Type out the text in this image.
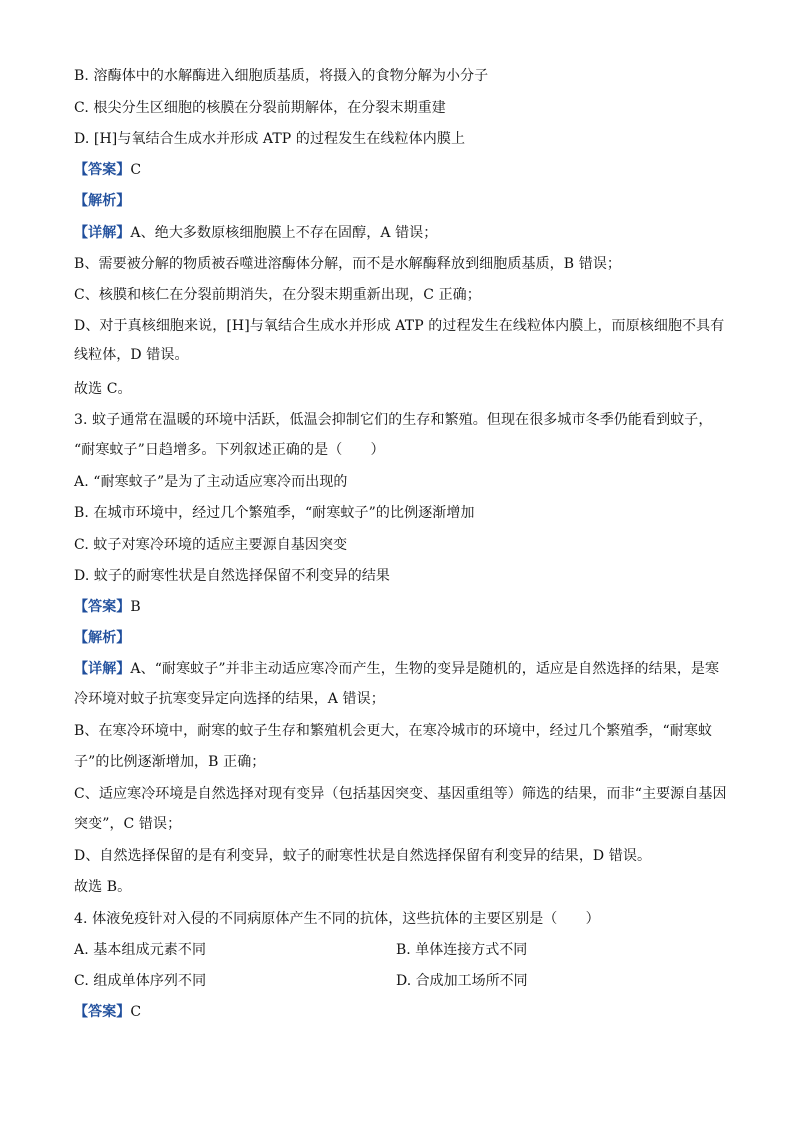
B. 溶酶体中的水解酶进入细胞质基质，将摄入的食物分解为小分子
C. 根尖分生区细胞的核膜在分裂前期解体，在分裂末期重建
D. [H]与氧结合生成水并形成 ATP 的过程发生在线粒体内膜上
【答案】C
【解析】
【详解】A、绝大多数原核细胞膜上不存在固醇，A 错误；
B、需要被分解的物质被吞噬进溶酶体分解，而不是水解酶释放到细胞质基质，B 错误；
C、核膜和核仁在分裂前期消失，在分裂末期重新出现，C 正确；
D、对于真核细胞来说，[H]与氧结合生成水并形成 ATP 的过程发生在线粒体内膜上，而原核细胞不具有
线粒体，D 错误。
故选 C。
3. 蚊子通常在温暖的环境中活跃，低温会抑制它们的生存和繁殖。但现在很多城市冬季仍能看到蚊子，
“耐寒蚊子”日趋增多。下列叙述正确的是（　　）
A. “耐寒蚊子”是为了主动适应寒冷而出现的
B. 在城市环境中，经过几个繁殖季，“耐寒蚊子”的比例逐渐增加
C. 蚊子对寒冷环境的适应主要源自基因突变
D. 蚊子的耐寒性状是自然选择保留不利变异的结果
【答案】B
【解析】
【详解】A、“耐寒蚊子”并非主动适应寒冷而产生，生物的变异是随机的，适应是自然选择的结果，是寒
冷环境对蚊子抗寒变异定向选择的结果，A 错误；
B、在寒冷环境中，耐寒的蚊子生存和繁殖机会更大，在寒冷城市的环境中，经过几个繁殖季，“耐寒蚊
子”的比例逐渐增加，B 正确；
C、适应寒冷环境是自然选择对现有变异（包括基因突变、基因重组等）筛选的结果，而非“主要源自基因
突变”，C 错误；
D、自然选择保留的是有利变异，蚊子的耐寒性状是自然选择保留有利变异的结果，D 错误。
故选 B。
4. 体液免疫针对入侵的不同病原体产生不同的抗体，这些抗体的主要区别是（　　）
A. 基本组成元素不同	B. 单体连接方式不同
C. 组成单体序列不同	D. 合成加工场所不同
【答案】C
